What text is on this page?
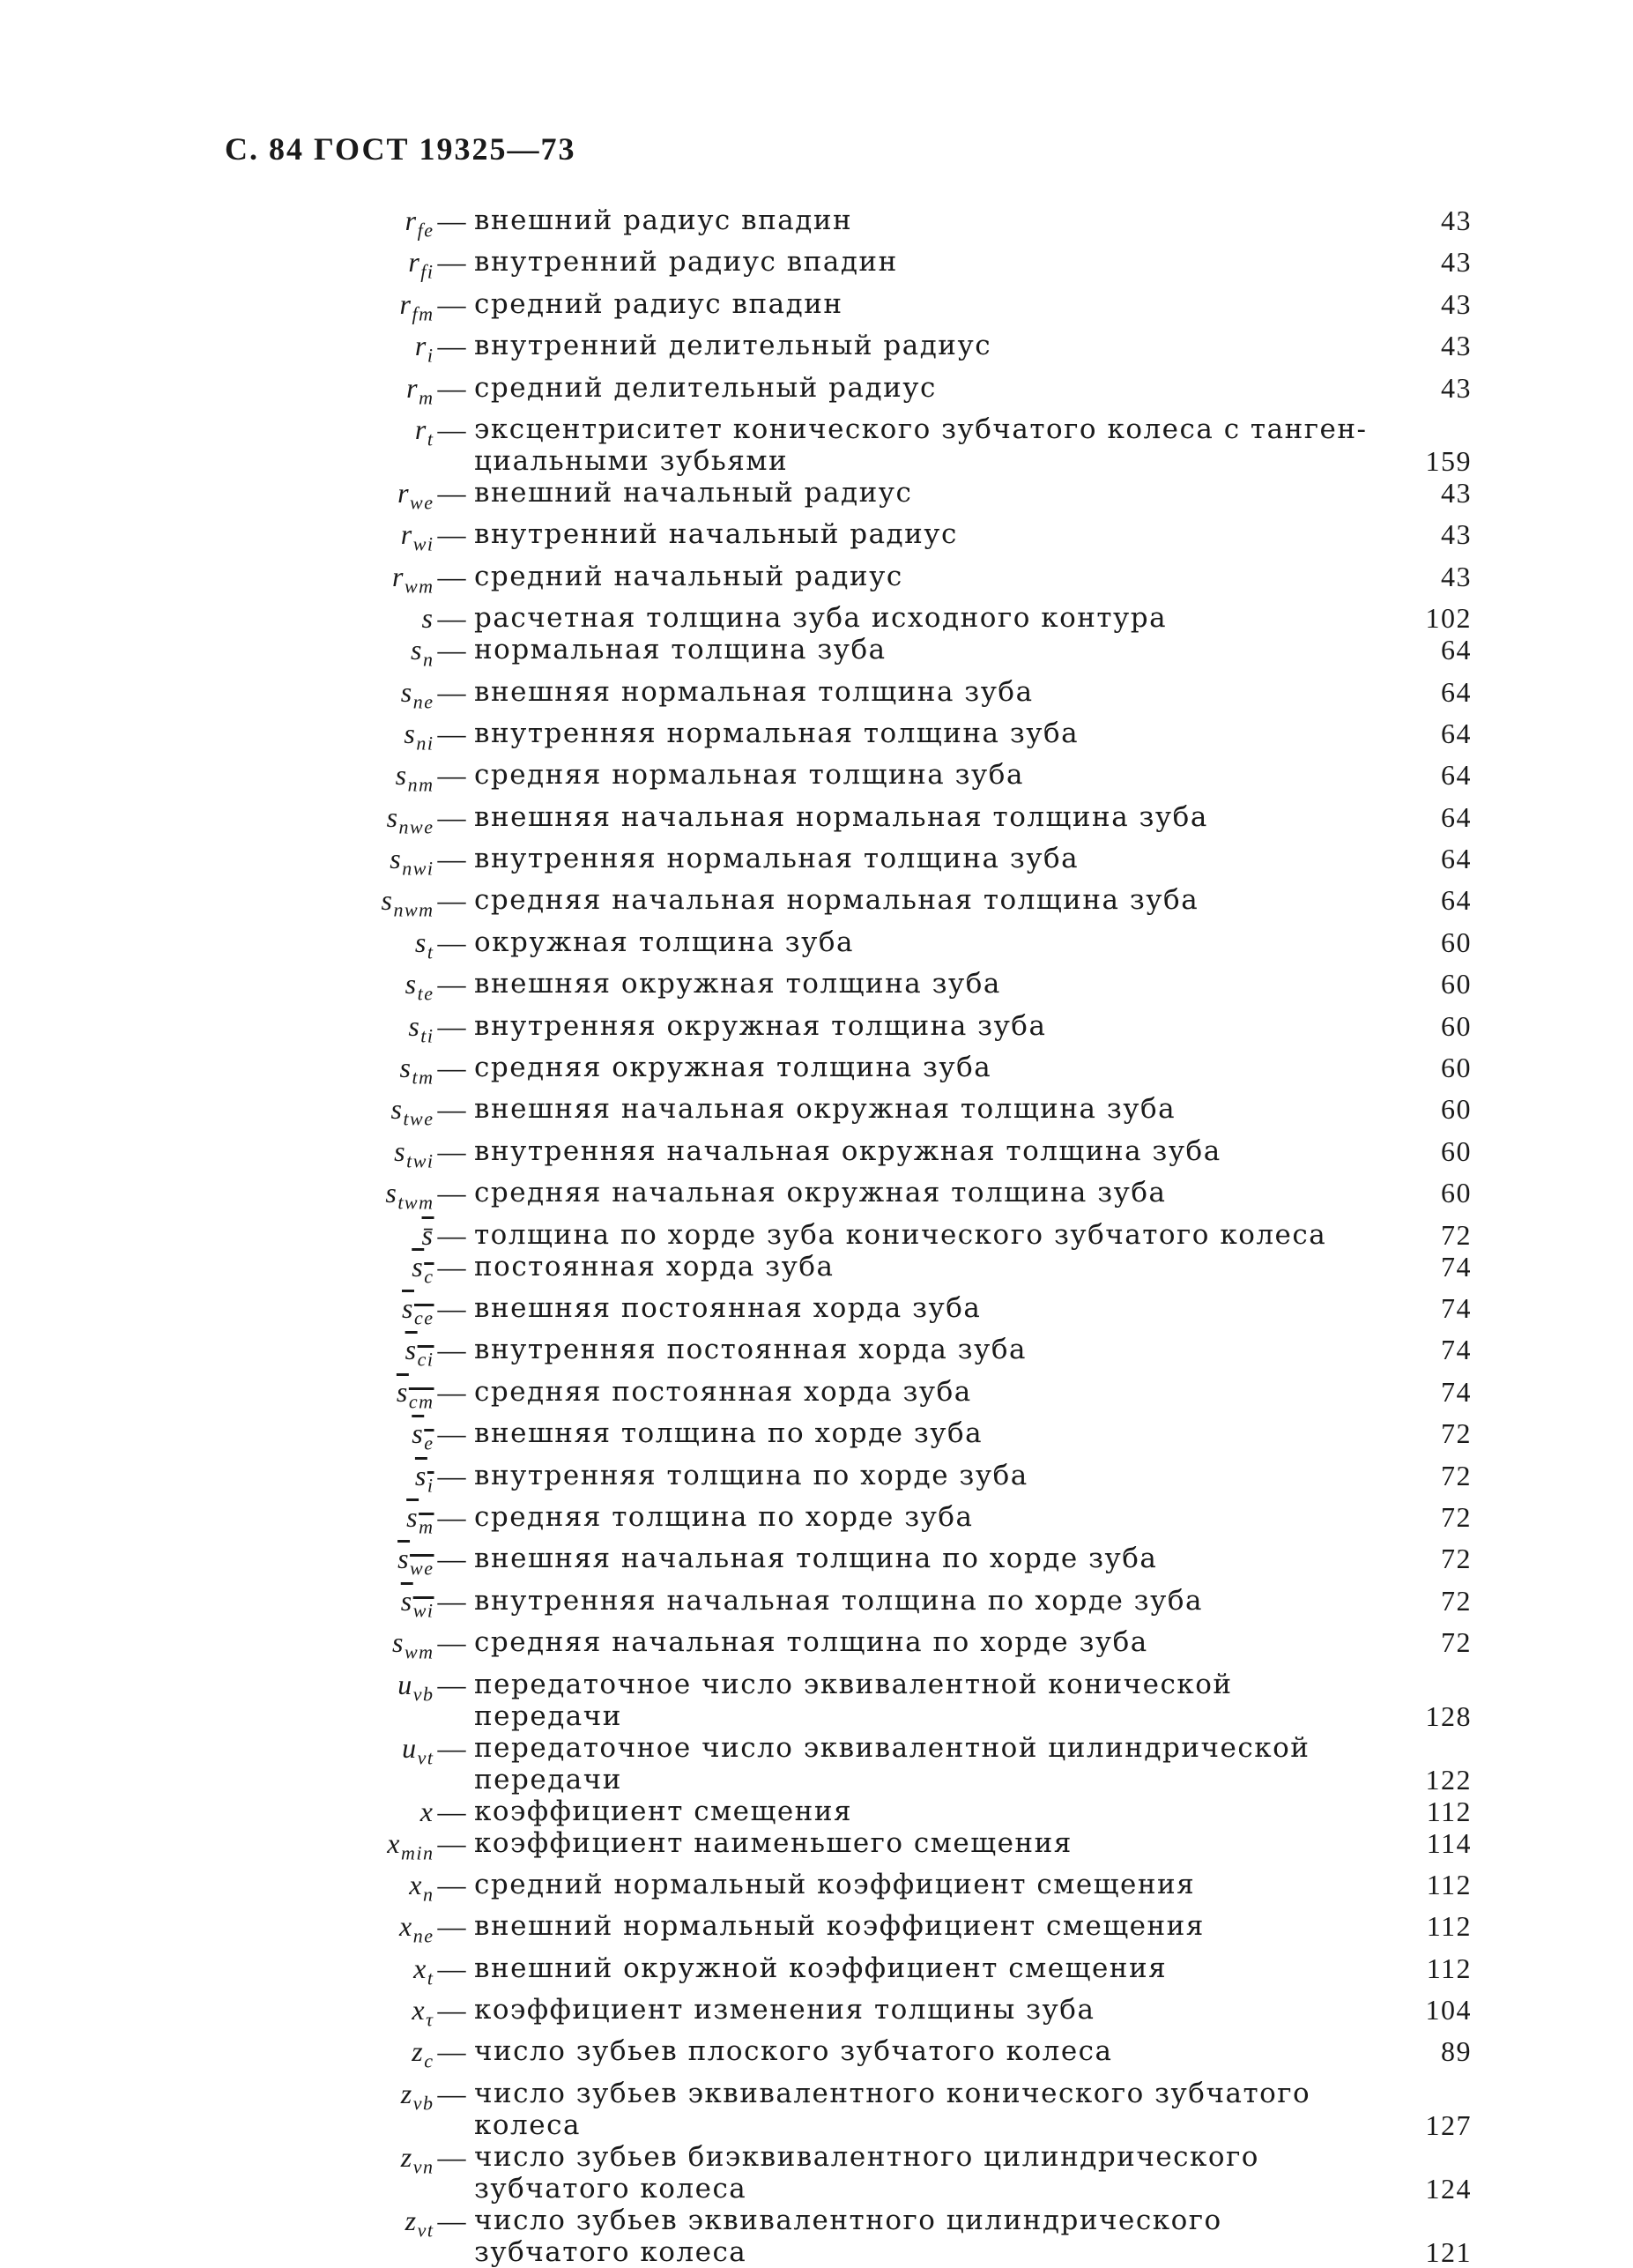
С. 84 ГОСТ 19325—73
$r_{fe}—$ внешний радиус впадин	43
$r_{fi}—$ внутренний радиус впадин	43
$r_{fm}—$ средний радиус впадин	43
$r_i—$ внутренний делительный радиус	43
$r_m—$ средний делительный радиус	43
$r_t—$ эксцентриситет конического зубчатого колеса с танген-циальными зубьями	159
$r_{we}—$ внешний начальный радиус	43
$r_{wi}—$ внутренний начальный радиус	43
$r_{wm}—$ средний начальный радиус	43
s— расчетная толщина зуба исходного контура	102
$s_n—$ нормальная толщина зуба	64
$s_{ne}—$ внешняя нормальная толщина зуба	64
$s_{ni}—$ внутренняя нормальная толщина зуба	64
$s_{nm}—$ средняя нормальная толщина зуба	64
$s_{nwe}—$ внешняя начальная нормальная толщина зуба	64
$s_{nwi}—$ внутренняя нормальная толщина зуба	64
$s_{nwm}—$ средняя начальная нормальная толщина зуба	64
$s_t—$ окружная толщина зуба	60
$s_{te}—$ внешняя окружная толщина зуба	60
$s_{ti}—$ внутренняя окружная толщина зуба	60
$s_{tm}—$ средняя окружная толщина зуба	60
$s_{twe}—$ внешняя начальная окружная толщина зуба	60
$s_{twi}—$ внутренняя начальная окружная толщина зуба	60
$s_{twm}—$ средняя начальная окружная толщина зуба	60
s̄— толщина по хорде зуба конического зубчатого колеса	72
$s_c—$ постоянная хорда зуба	74
$s_{ce}—$ внешняя постоянная хорда зуба	74
$s_{ci}—$ внутренняя постоянная хорда зуба	74
$s_{cm}—$ средняя постоянная хорда зуба	74
$s_e—$ внешняя толщина по хорде зуба	72
$s_i—$ внутренняя толщина по хорде зуба	72
$s_m—$ средняя толщина по хорде зуба	72
$s_{we}—$ внешняя начальная толщина по хорде зуба	72
$s_{wi}—$ внутренняя начальная толщина по хорде зуба	72
$s_{wm}—$ средняя начальная толщина по хорде зуба	72
$u_{vb}—$ передаточное число эквивалентной конической передачи	128
$u_{vt}—$ передаточное число эквивалентной цилиндрической передачи	122
x— коэффициент смещения	112
$x_{min}—$ коэффициент наименьшего смещения	114
$x_n—$ средний нормальный коэффициент смещения	112
$x_{ne}—$ внешний нормальный коэффициент смещения	112
$x_t—$ внешний окружной коэффициент смещения	112
$x_\tau—$ коэффициент изменения толщины зуба	104
$z_c—$ число зубьев плоского зубчатого колеса	89
$z_{vb}—$ число зубьев эквивалентного конического зубчатого колеса	127
$z_{vn}—$ число зубьев биэквивалентного цилиндрического зубчатого колеса	124
$z_{vt}—$ число зубьев эквивалентного цилиндрического зубчатого колеса	121
